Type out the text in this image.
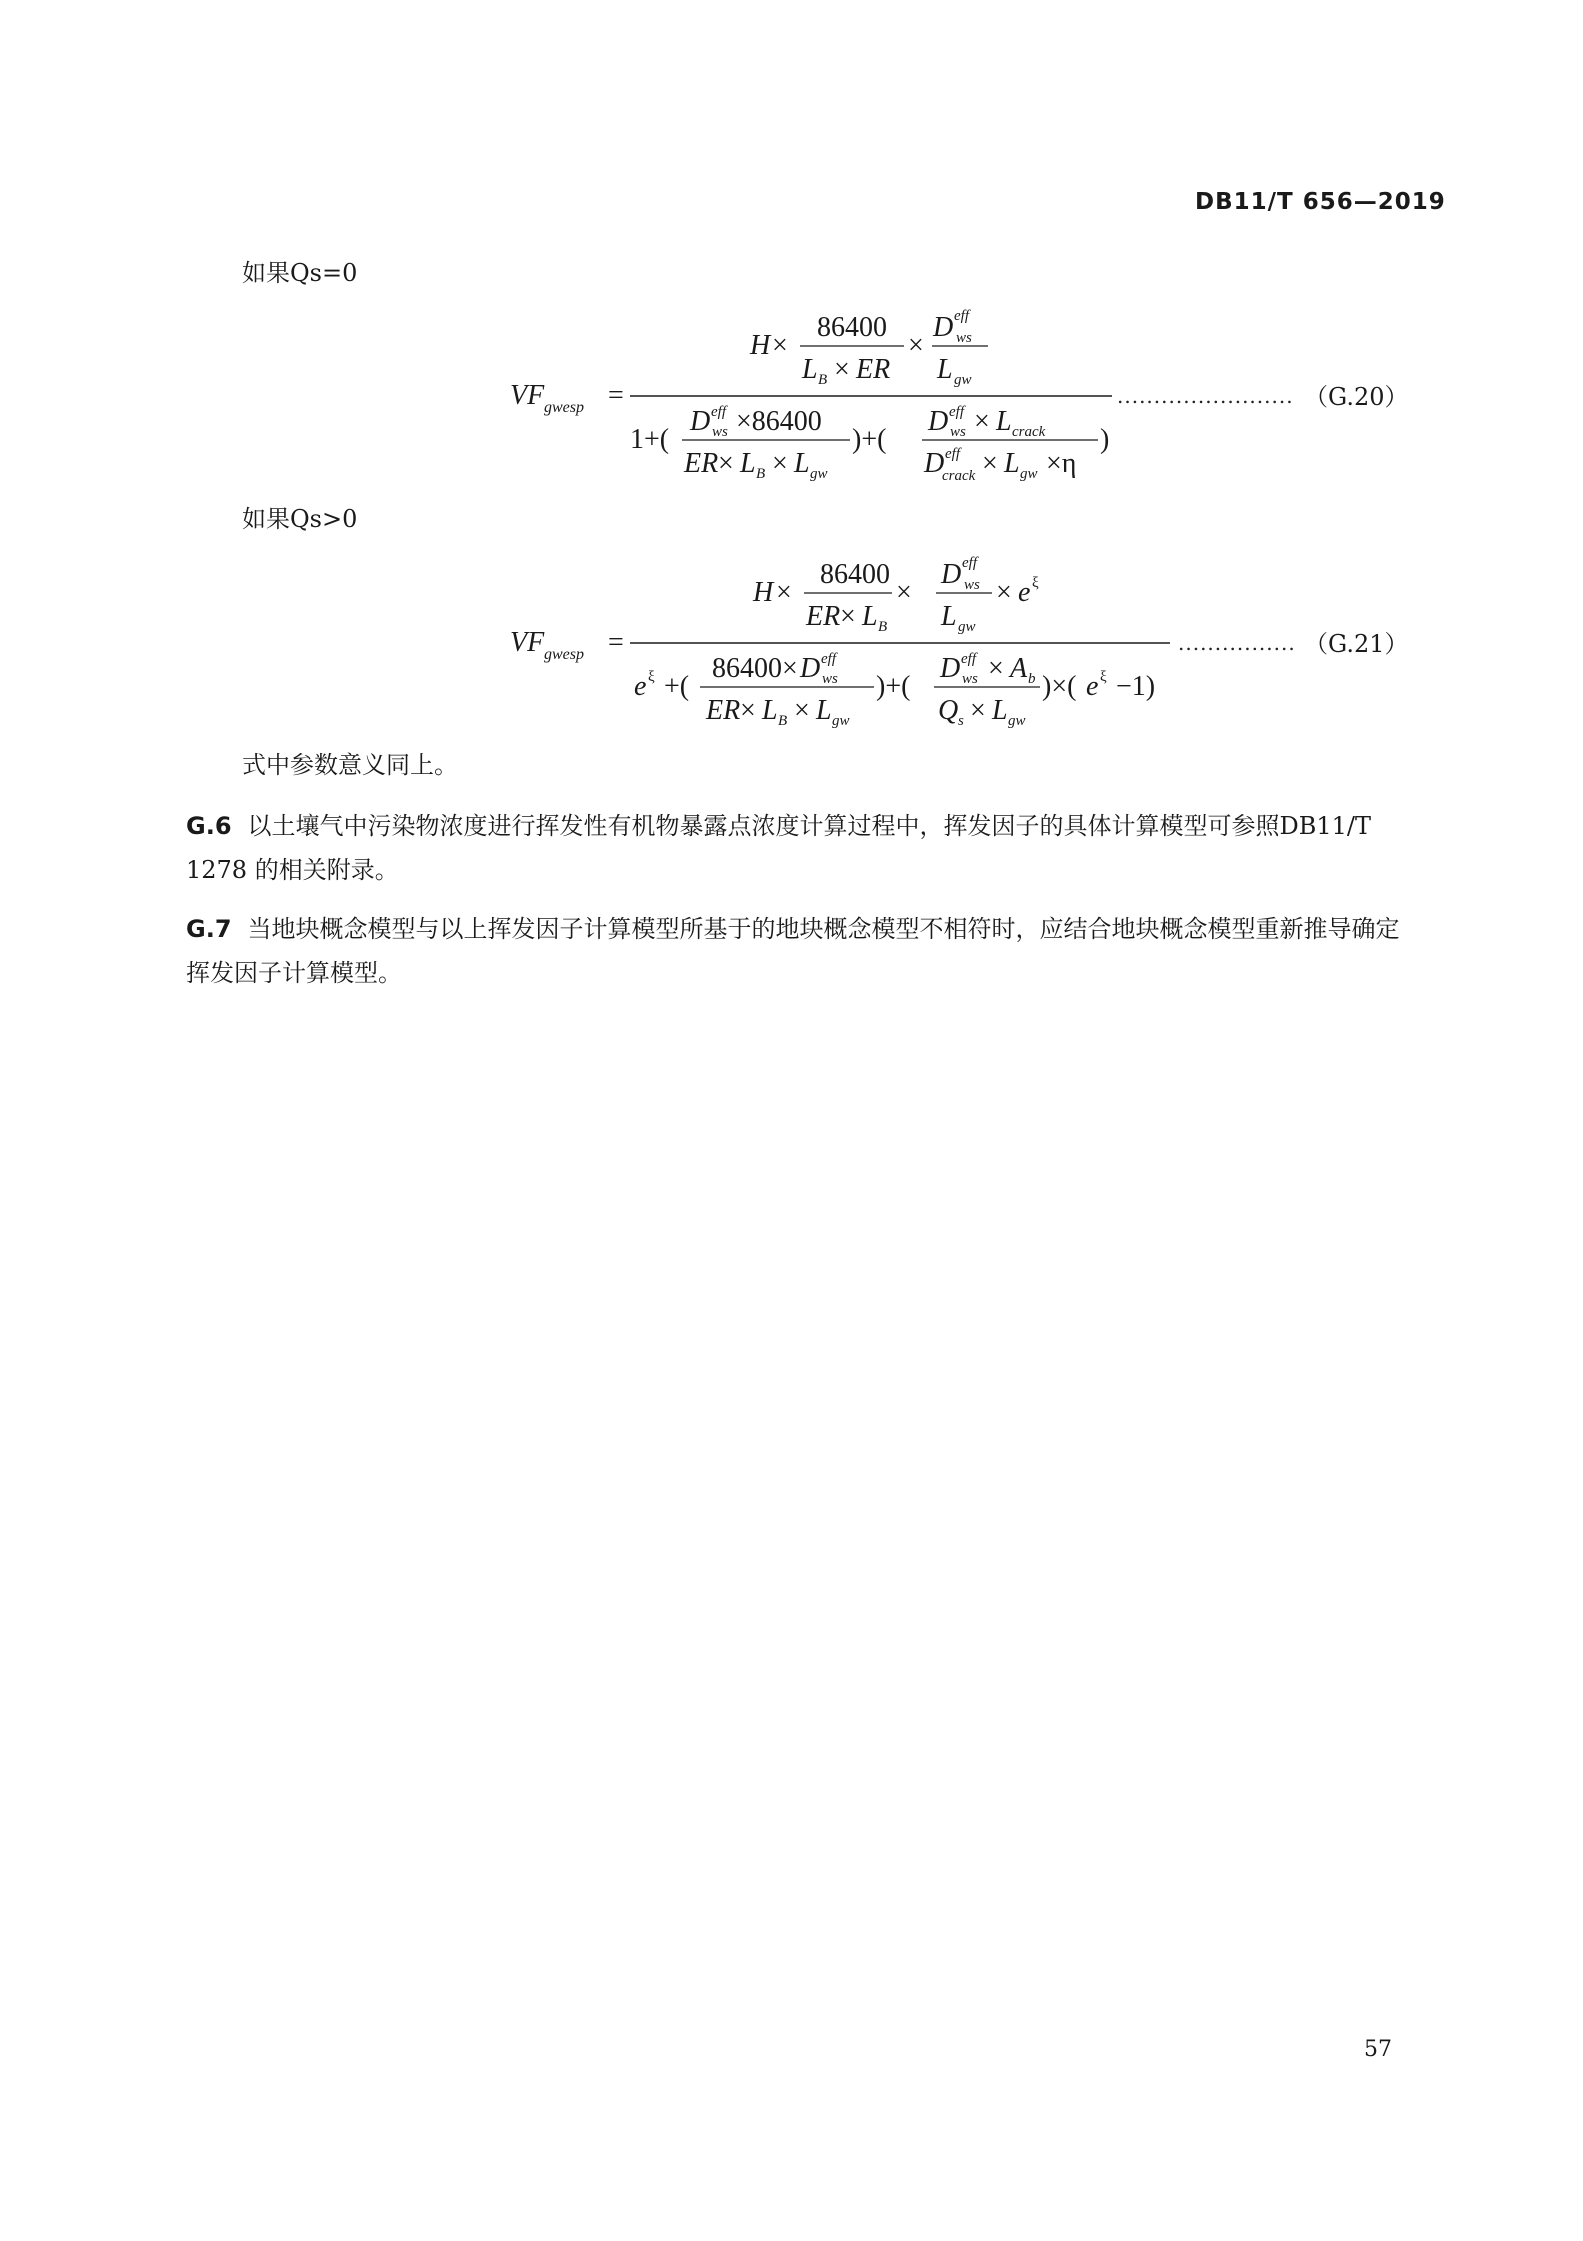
DB11/T 656—2019
如果Qs=0
VF gwesp =
H ×
86400
L B × ER
×
D eff
ws
L gw
1+(
D eff
ws ×86400
ER × L B × L gw
)+(
D eff
ws × L crack
D eff
crack × L gw ×η
)
........................ （G.20）
如果Qs>0
VF gwesp =
H ×
86400
ER × L B
×
D eff
ws
L gw
× e ξ
e ξ +(
86400× D eff
ws
ER × L B × L gw
)+(
D eff
ws × A b
Q s × L gw
)×( e ξ −1)
................ （G.21）
式中参数意义同上。
G.6 以土壤气中污染物浓度进行挥发性有机物暴露点浓度计算过程中，挥发因子的具体计算模型可参照DB11/T 1278 的相关附录。
G.7 当地块概念模型与以上挥发因子计算模型所基于的地块概念模型不相符时，应结合地块概念模型重新推导确定挥发因子计算模型。
57
